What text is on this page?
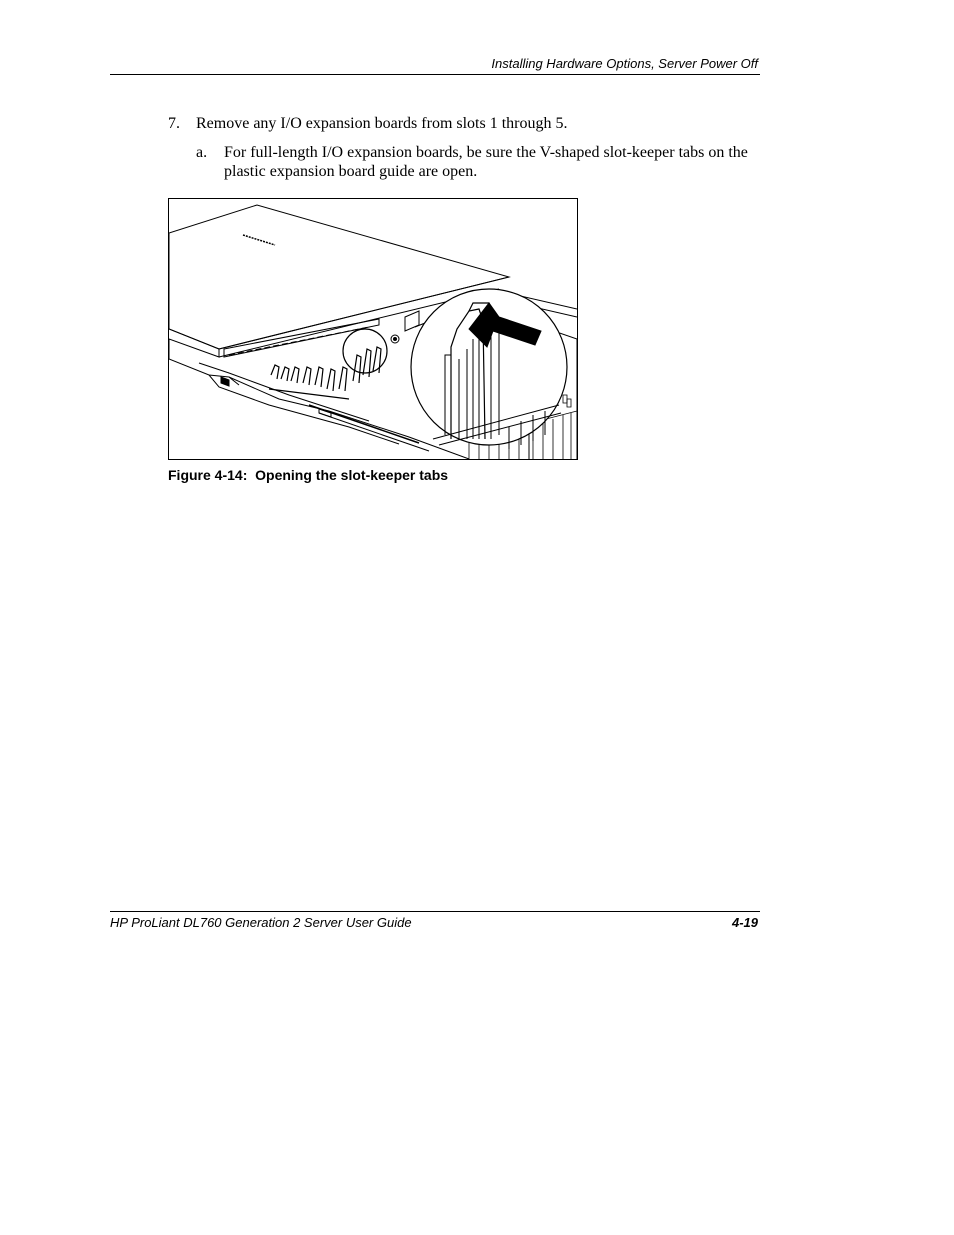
Installing Hardware Options, Server Power Off
7. Remove any I/O expansion boards from slots 1 through 5.
a. For full-length I/O expansion boards, be sure the V-shaped slot-keeper tabs on the plastic expansion board guide are open.
Figure 4-14:  Opening the slot-keeper tabs
HP ProLiant DL760 Generation 2 Server User Guide	4-19
